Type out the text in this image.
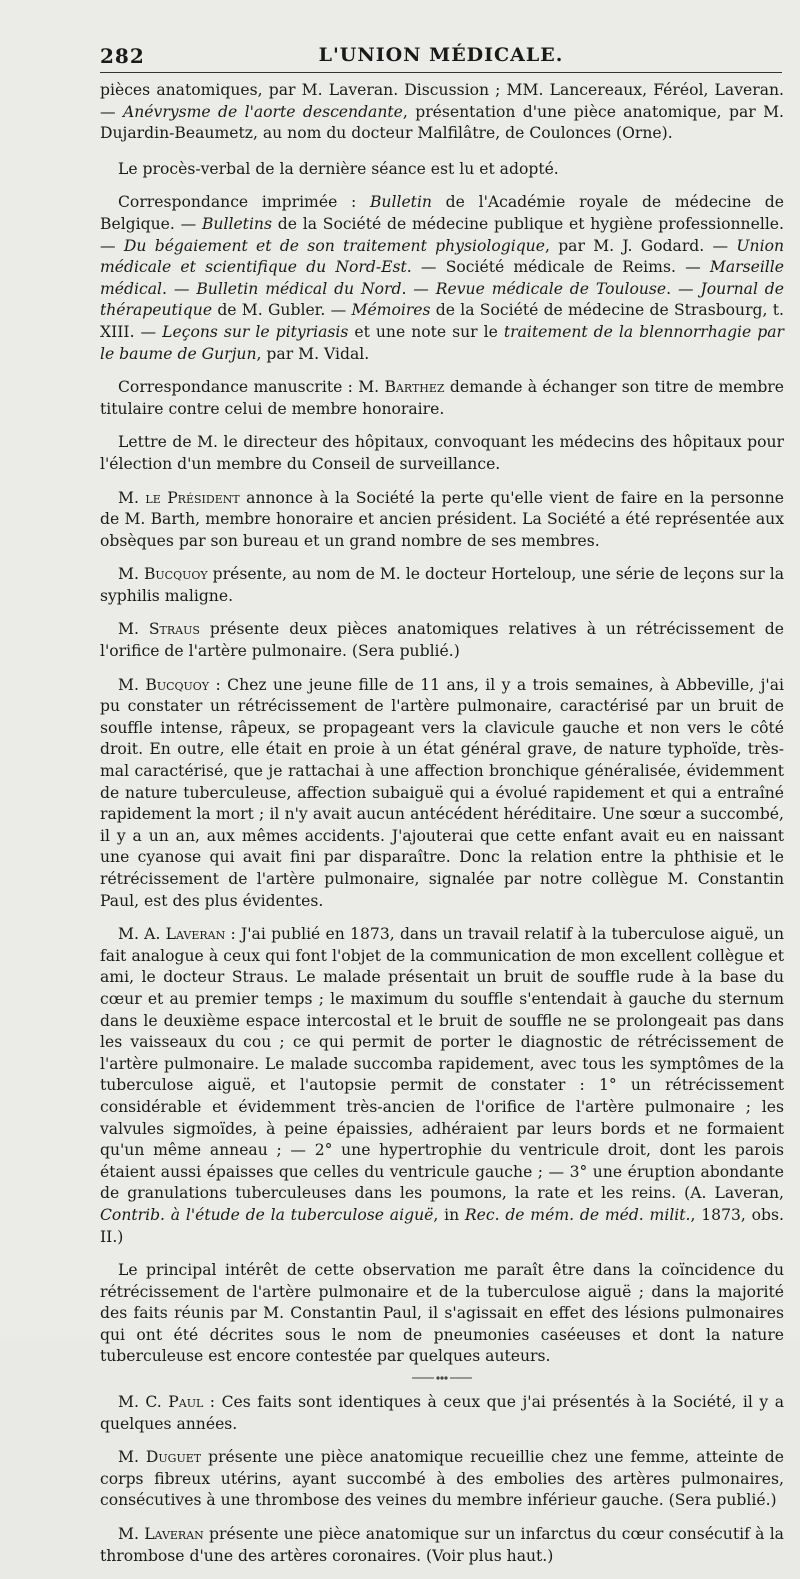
282	L'UNION MÉDICALE.

pièces anatomiques, par M. Laveran. Discussion ; MM. Lancereaux, Féréol, Laveran. — Anévrysme de l'aorte descendante, présentation d'une pièce anatomique, par M. Dujardin-Beaumetz, au nom du docteur Malfilâtre, de Coulonces (Orne).

Le procès-verbal de la dernière séance est lu et adopté.

Correspondance imprimée : Bulletin de l'Académie royale de médecine de Belgique. — Bulletins de la Société de médecine publique et hygiène professionnelle. — Du bégaiement et de son traitement physiologique, par M. J. Godard. — Union médicale et scientifique du Nord-Est. — Société médicale de Reims. — Marseille médical. — Bulletin médical du Nord. — Revue médicale de Toulouse. — Journal de thérapeutique de M. Gubler. — Mémoires de la Société de médecine de Strasbourg, t. XIII. — Leçons sur le pityriasis et une note sur le traitement de la blennorrhagie par le baume de Gurjun, par M. Vidal.

Correspondance manuscrite : M. Barthez demande à échanger son titre de membre titulaire contre celui de membre honoraire.

Lettre de M. le directeur des hôpitaux, convoquant les médecins des hôpitaux pour l'élection d'un membre du Conseil de surveillance.

M. le Président annonce à la Société la perte qu'elle vient de faire en la personne de M. Barth, membre honoraire et ancien président. La Société a été représentée aux obsèques par son bureau et un grand nombre de ses membres.

M. Bucquoy présente, au nom de M. le docteur Horteloup, une série de leçons sur la syphilis maligne.

M. Straus présente deux pièces anatomiques relatives à un rétrécissement de l'orifice de l'artère pulmonaire. (Sera publié.)

M. Bucquoy : Chez une jeune fille de 11 ans, il y a trois semaines, à Abbeville, j'ai pu constater un rétrécissement de l'artère pulmonaire, caractérisé par un bruit de souffle intense, râpeux, se propageant vers la clavicule gauche et non vers le côté droit. En outre, elle était en proie à un état général grave, de nature typhoïde, très-mal caractérisé, que je rattachai à une affection bronchique généralisée, évidemment de nature tuberculeuse, affection subaiguë qui a évolué rapidement et qui a entraîné rapidement la mort ; il n'y avait aucun antécédent héréditaire. Une sœur a succombé, il y a un an, aux mêmes accidents. J'ajouterai que cette enfant avait eu en naissant une cyanose qui avait fini par disparaître. Donc la relation entre la phthisie et le rétrécissement de l'artère pulmonaire, signalée par notre collègue M. Constantin Paul, est des plus évidentes.

M. A. Laveran : J'ai publié en 1873, dans un travail relatif à la tuberculose aiguë, un fait analogue à ceux qui font l'objet de la communication de mon excellent collègue et ami, le docteur Straus. Le malade présentait un bruit de souffle rude à la base du cœur et au premier temps ; le maximum du souffle s'entendait à gauche du sternum dans le deuxième espace intercostal et le bruit de souffle ne se prolongeait pas dans les vaisseaux du cou ; ce qui permit de porter le diagnostic de rétrécissement de l'artère pulmonaire. Le malade succomba rapidement, avec tous les symptômes de la tuberculose aiguë, et l'autopsie permit de constater : 1° un rétrécissement considérable et évidemment très-ancien de l'orifice de l'artère pulmonaire ; les valvules sigmoïdes, à peine épaissies, adhéraient par leurs bords et ne formaient qu'un même anneau ; — 2° une hypertrophie du ventricule droit, dont les parois étaient aussi épaisses que celles du ventricule gauche ; — 3° une éruption abondante de granulations tuberculeuses dans les poumons, la rate et les reins. (A. Laveran, Contrib. à l'étude de la tuberculose aiguë, in Rec. de mém. de méd. milit., 1873, obs. II.)

Le principal intérêt de cette observation me paraît être dans la coïncidence du rétrécissement de l'artère pulmonaire et de la tuberculose aiguë ; dans la majorité des faits réunis par M. Constantin Paul, il s'agissait en effet des lésions pulmonaires qui ont été décrites sous le nom de pneumonies caséeuses et dont la nature tuberculeuse est encore contestée par quelques auteurs.

M. C. Paul : Ces faits sont identiques à ceux que j'ai présentés à la Société, il y a quelques années.

M. Duguet présente une pièce anatomique recueillie chez une femme, atteinte de corps fibreux utérins, ayant succombé à des embolies des artères pulmonaires, consécutives à une thrombose des veines du membre inférieur gauche. (Sera publié.)

M. Laveran présente une pièce anatomique sur un infarctus du cœur consécutif à la thrombose d'une des artères coronaires. (Voir plus haut.)
